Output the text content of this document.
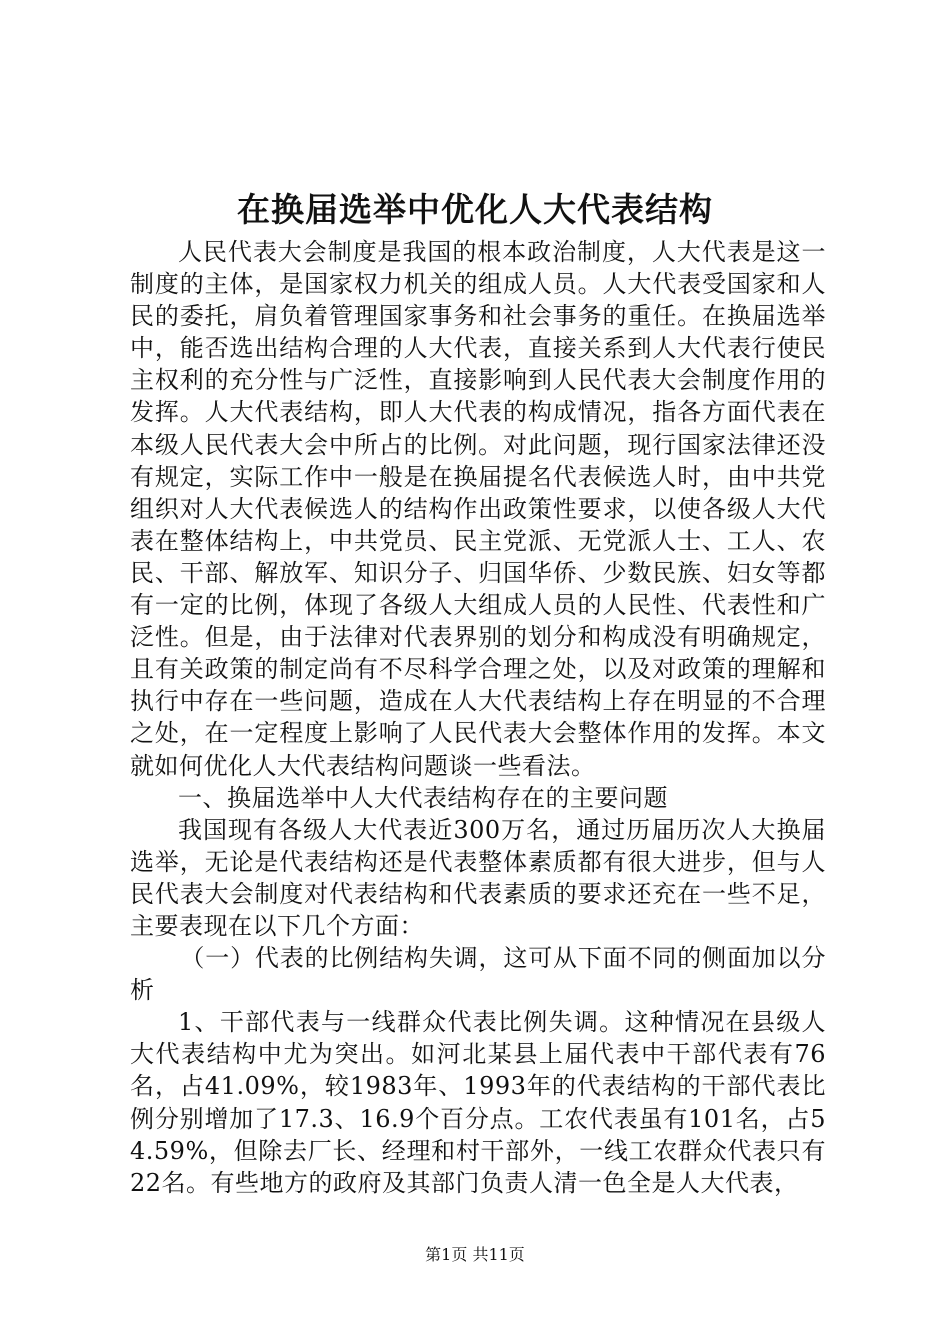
在换届选举中优化人大代表结构

人民代表大会制度是我国的根本政治制度，人大代表是这一制度的主体，是国家权力机关的组成人员。人大代表受国家和人民的委托，肩负着管理国家事务和社会事务的重任。在换届选举中，能否选出结构合理的人大代表，直接关系到人大代表行使民主权利的充分性与广泛性，直接影响到人民代表大会制度作用的发挥。人大代表结构，即人大代表的构成情况，指各方面代表在本级人民代表大会中所占的比例。对此问题，现行国家法律还没有规定，实际工作中一般是在换届提名代表候选人时，由中共党组织对人大代表候选人的结构作出政策性要求，以使各级人大代表在整体结构上，中共党员、民主党派、无党派人士、工人、农民、干部、解放军、知识分子、归国华侨、少数民族、妇女等都有一定的比例，体现了各级人大组成人员的人民性、代表性和广泛性。但是，由于法律对代表界别的划分和构成没有明确规定，且有关政策的制定尚有不尽科学合理之处，以及对政策的理解和执行中存在一些问题，造成在人大代表结构上存在明显的不合理之处，在一定程度上影响了人民代表大会整体作用的发挥。本文就如何优化人大代表结构问题谈一些看法。

一、换届选举中人大代表结构存在的主要问题

我国现有各级人大代表近300万名，通过历届历次人大换届选举，无论是代表结构还是代表整体素质都有很大进步，但与人民代表大会制度对代表结构和代表素质的要求还充在一些不足，主要表现在以下几个方面：

（一）代表的比例结构失调，这可从下面不同的侧面加以分析

1、干部代表与一线群众代表比例失调。这种情况在县级人大代表结构中尤为突出。如河北某县上届代表中干部代表有76名，占41.09%，较1983年、1993年的代表结构的干部代表比例分别增加了17.3、16.9个百分点。工农代表虽有101名，占54.59%，但除去厂长、经理和村干部外，一线工农群众代表只有22名。有些地方的政府及其部门负责人清一色全是人大代表，

第1页 共11页
